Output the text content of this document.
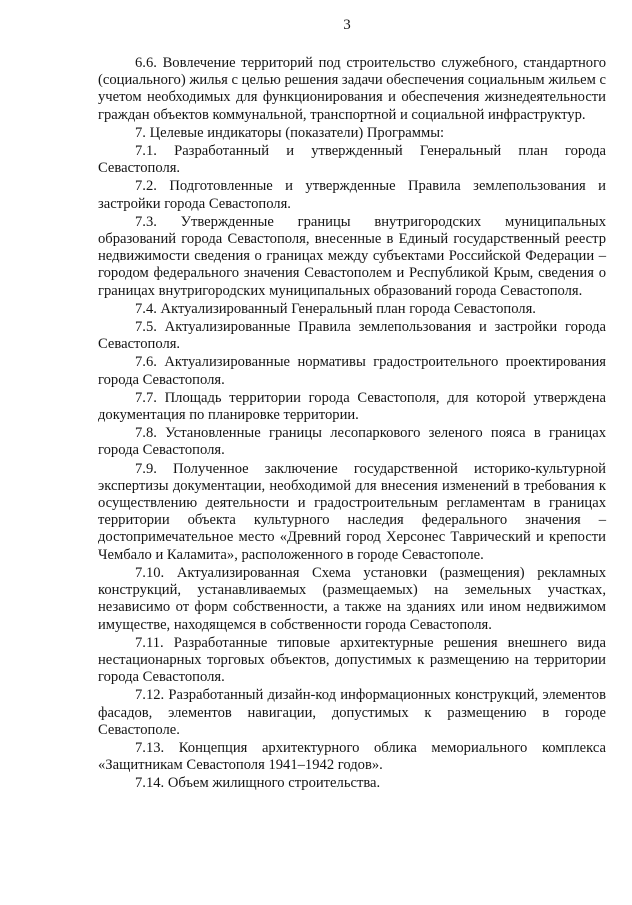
3

6.6. Вовлечение территорий под строительство служебного, стандартного (социального) жилья с целью решения задачи обеспечения социальным жильем с учетом необходимых для функционирования и обеспечения жизнедеятельности граждан объектов коммунальной, транспортной и социальной инфраструктур.

7. Целевые индикаторы (показатели) Программы:

7.1. Разработанный и утвержденный Генеральный план города Севастополя.

7.2. Подготовленные и утвержденные Правила землепользования и застройки города Севастополя.

7.3. Утвержденные границы внутригородских муниципальных образований города Севастополя, внесенные в Единый государственный реестр недвижимости сведения о границах между субъектами Российской Федерации – городом федерального значения Севастополем и Республикой Крым, сведения о границах внутригородских муниципальных образований города Севастополя.

7.4. Актуализированный Генеральный план города Севастополя.

7.5. Актуализированные Правила землепользования и застройки города Севастополя.

7.6. Актуализированные нормативы градостроительного проектирования города Севастополя.

7.7. Площадь территории города Севастополя, для которой утверждена документация по планировке территории.

7.8. Установленные границы лесопаркового зеленого пояса в границах города Севастополя.

7.9. Полученное заключение государственной историко-культурной экспертизы документации, необходимой для внесения изменений в требования к осуществлению деятельности и градостроительным регламентам в границах территории объекта культурного наследия федерального значения – достопримечательное место «Древний город Херсонес Таврический и крепости Чембало и Каламита», расположенного в городе Севастополе.

7.10. Актуализированная Схема установки (размещения) рекламных конструкций, устанавливаемых (размещаемых) на земельных участках, независимо от форм собственности, а также на зданиях или ином недвижимом имуществе, находящемся в собственности города Севастополя.

7.11. Разработанные типовые архитектурные решения внешнего вида нестационарных торговых объектов, допустимых к размещению на территории города Севастополя.

7.12. Разработанный дизайн-код информационных конструкций, элементов фасадов, элементов навигации, допустимых к размещению в городе Севастополе.

7.13. Концепция архитектурного облика мемориального комплекса «Защитникам Севастополя 1941–1942 годов».

7.14. Объем жилищного строительства.
